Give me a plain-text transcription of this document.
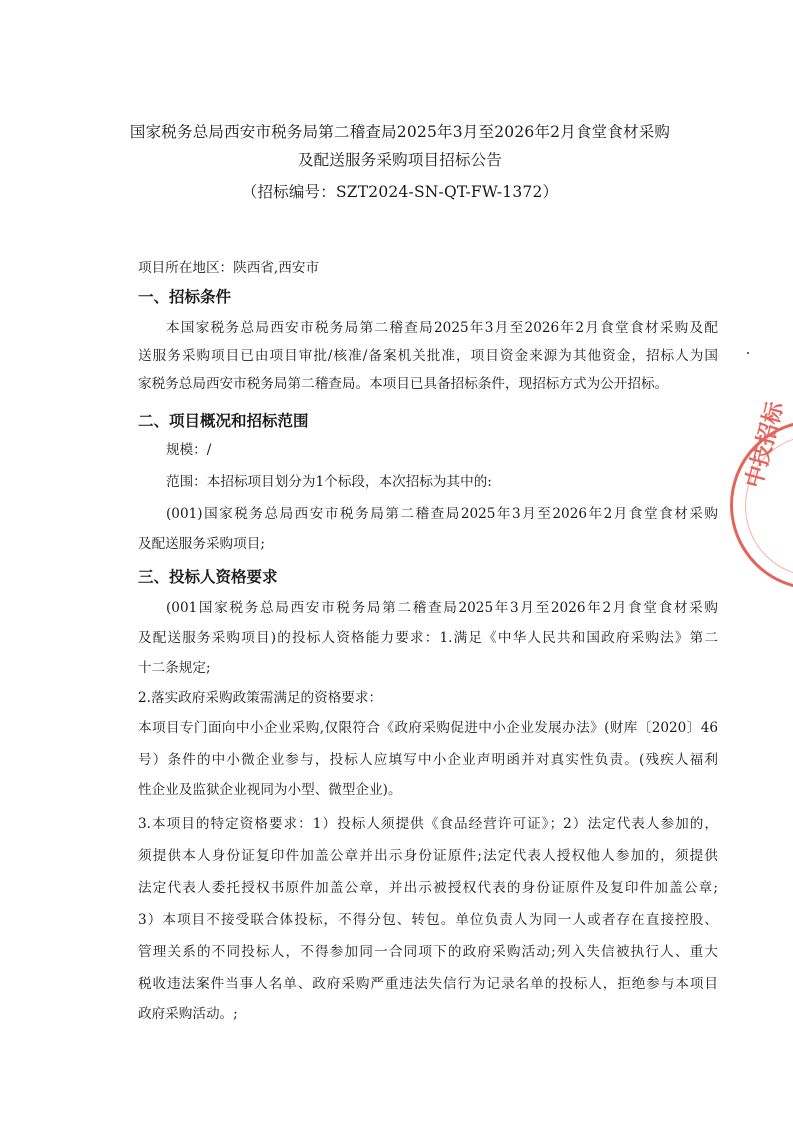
国家税务总局西安市税务局第二稽查局2025年3月至2026年2月食堂食材采购
及配送服务采购项目招标公告
（招标编号：SZT2024-SN-QT-FW-1372）
项目所在地区：陕西省,西安市
一、招标条件
本国家税务总局西安市税务局第二稽查局2025年3月至2026年2月食堂食材采购及配
送服务采购项目已由项目审批/核准/备案机关批准，项目资金来源为其他资金，招标人为国
家税务总局西安市税务局第二稽查局。本项目已具备招标条件，现招标方式为公开招标。
二、项目概况和招标范围
规模：/
范围：本招标项目划分为1个标段，本次招标为其中的:
(001)国家税务总局西安市税务局第二稽查局2025年3月至2026年2月食堂食材采购
及配送服务采购项目;
三、投标人资格要求
(001国家税务总局西安市税务局第二稽查局2025年3月至2026年2月食堂食材采购
及配送服务采购项目)的投标人资格能力要求：1.满足《中华人民共和国政府采购法》第二
十二条规定;
2.落实政府采购政策需满足的资格要求：
本项目专门面向中小企业采购,仅限符合《政府采购促进中小企业发展办法》(财库〔2020〕46
号）条件的中小微企业参与，投标人应填写中小企业声明函并对真实性负责。(残疾人福利
性企业及监狱企业视同为小型、微型企业)。
3.本项目的特定资格要求：1）投标人须提供《食品经营许可证》；2）法定代表人参加的，
须提供本人身份证复印件加盖公章并出示身份证原件;法定代表人授权他人参加的，须提供
法定代表人委托授权书原件加盖公章，并出示被授权代表的身份证原件及复印件加盖公章;
3）本项目不接受联合体投标，不得分包、转包。单位负责人为同一人或者存在直接控股、
管理关系的不同投标人，不得参加同一合同项下的政府采购活动;列入失信被执行人、重大
税收违法案件当事人名单、政府采购严重违法失信行为记录名单的投标人，拒绝参与本项目
政府采购活动。;
中技招标
